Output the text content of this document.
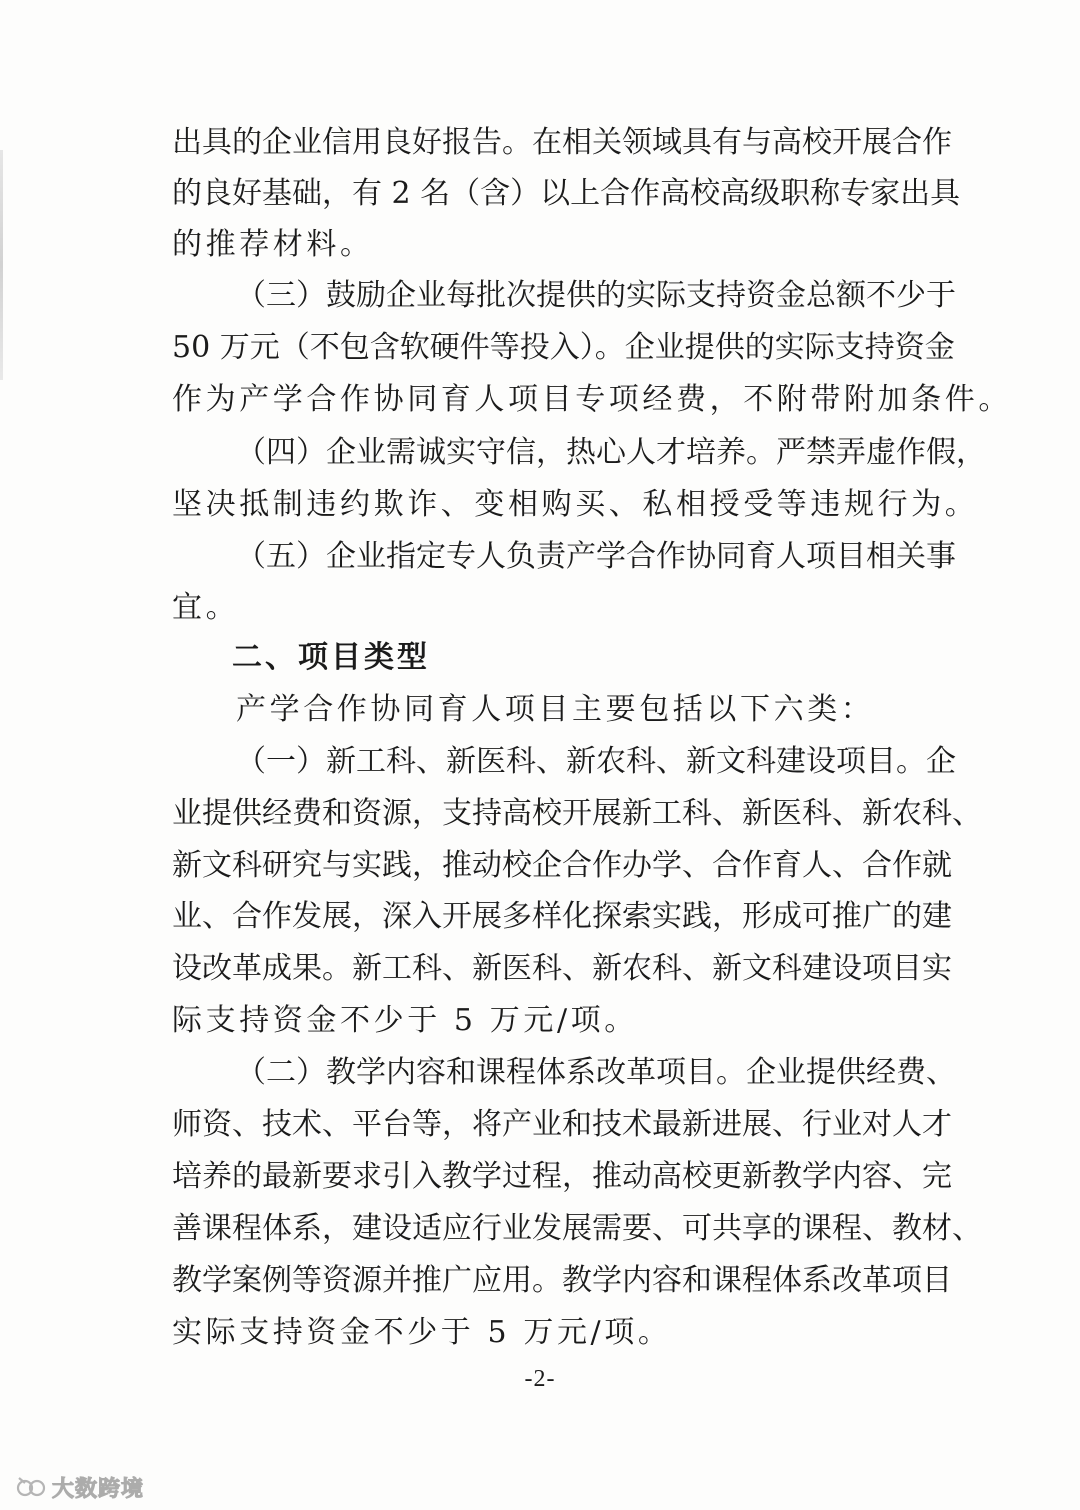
出具的企业信用良好报告。在相关领域具有与高校开展合作
的良好基础，有 2 名（含）以上合作高校高级职称专家出具
的推荐材料。
（三）鼓励企业每批次提供的实际支持资金总额不少于
50 万元（不包含软硬件等投入）。企业提供的实际支持资金
作为产学合作协同育人项目专项经费，不附带附加条件。
（四）企业需诚实守信，热心人才培养。严禁弄虚作假，
坚决抵制违约欺诈、变相购买、私相授受等违规行为。
（五）企业指定专人负责产学合作协同育人项目相关事
宜。
二、项目类型
产学合作协同育人项目主要包括以下六类：
（一）新工科、新医科、新农科、新文科建设项目。企
业提供经费和资源，支持高校开展新工科、新医科、新农科、
新文科研究与实践，推动校企合作办学、合作育人、合作就
业、合作发展，深入开展多样化探索实践，形成可推广的建
设改革成果。新工科、新医科、新农科、新文科建设项目实
际支持资金不少于 5 万元/项。
（二）教学内容和课程体系改革项目。企业提供经费、
师资、技术、平台等，将产业和技术最新进展、行业对人才
培养的最新要求引入教学过程，推动高校更新教学内容、完
善课程体系，建设适应行业发展需要、可共享的课程、教材、
教学案例等资源并推广应用。教学内容和课程体系改革项目
实际支持资金不少于 5 万元/项。
-2-
大数跨境
